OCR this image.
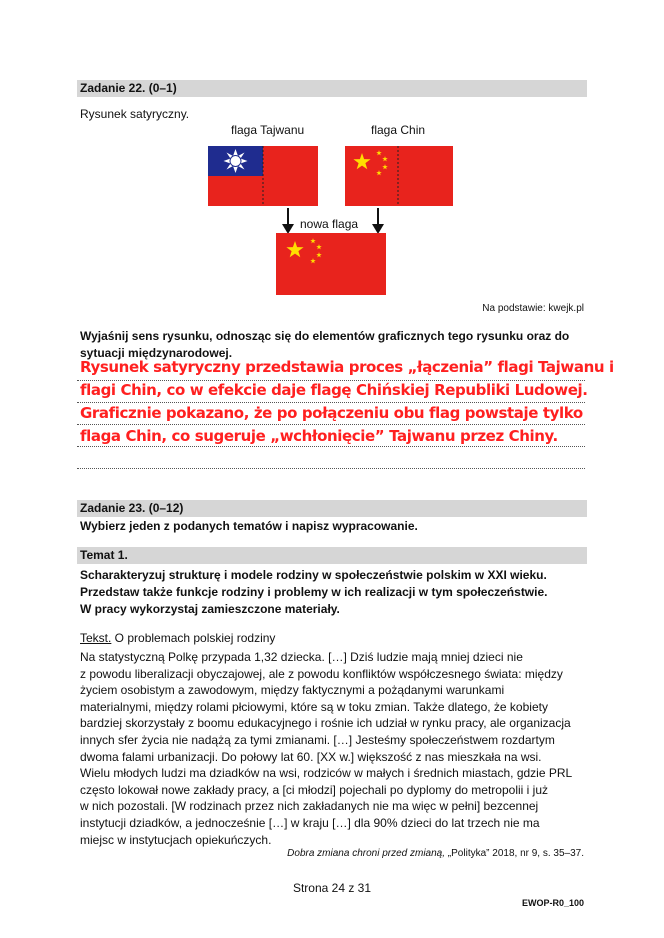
Zadanie 22. (0–1)
Rysunek satyryczny.
flaga Tajwanu	flaga Chin
nowa flaga
Na podstawie: kwejk.pl
Wyjaśnij sens rysunku, odnosząc się do elementów graficznych tego rysunku oraz do
sytuacji międzynarodowej.
Rysunek satyryczny przedstawia proces „łączenia” flagi Tajwanu i
flagi Chin, co w efekcie daje flagę Chińskiej Republiki Ludowej.
Graficznie pokazano, że po połączeniu obu flag powstaje tylko
flaga Chin, co sugeruje „wchłonięcie” Tajwanu przez Chiny.
Zadanie 23. (0–12)
Wybierz jeden z podanych tematów i napisz wypracowanie.
Temat 1.
Scharakteryzuj strukturę i modele rodziny w społeczeństwie polskim w XXI wieku.
Przedstaw także funkcje rodziny i problemy w ich realizacji w tym społeczeństwie.
W pracy wykorzystaj zamieszczone materiały.
Tekst. O problemach polskiej rodziny
Na statystyczną Polkę przypada 1,32 dziecka. […] Dziś ludzie mają mniej dzieci nie
z powodu liberalizacji obyczajowej, ale z powodu konfliktów współczesnego świata: między
życiem osobistym a zawodowym, między faktycznymi a pożądanymi warunkami
materialnymi, między rolami płciowymi, które są w toku zmian. Także dlatego, że kobiety
bardziej skorzystały z boomu edukacyjnego i rośnie ich udział w rynku pracy, ale organizacja
innych sfer życia nie nadążą za tymi zmianami. […] Jesteśmy społeczeństwem rozdartym
dwoma falami urbanizacji. Do połowy lat 60. [XX w.] większość z nas mieszkała na wsi.
Wielu młodych ludzi ma dziadków na wsi, rodziców w małych i średnich miastach, gdzie PRL
często lokował nowe zakłady pracy, a [ci młodzi] pojechali po dyplomy do metropolii i już
w nich pozostali. [W rodzinach przez nich zakładanych nie ma więc w pełni] bezcennej
instytucji dziadków, a jednocześnie […] w kraju […] dla 90% dzieci do lat trzech nie ma
miejsc w instytucjach opiekuńczych.
Dobra zmiana chroni przed zmianą, „Polityka” 2018, nr 9, s. 35–37.
Strona 24 z 31
EWOP-R0_100
